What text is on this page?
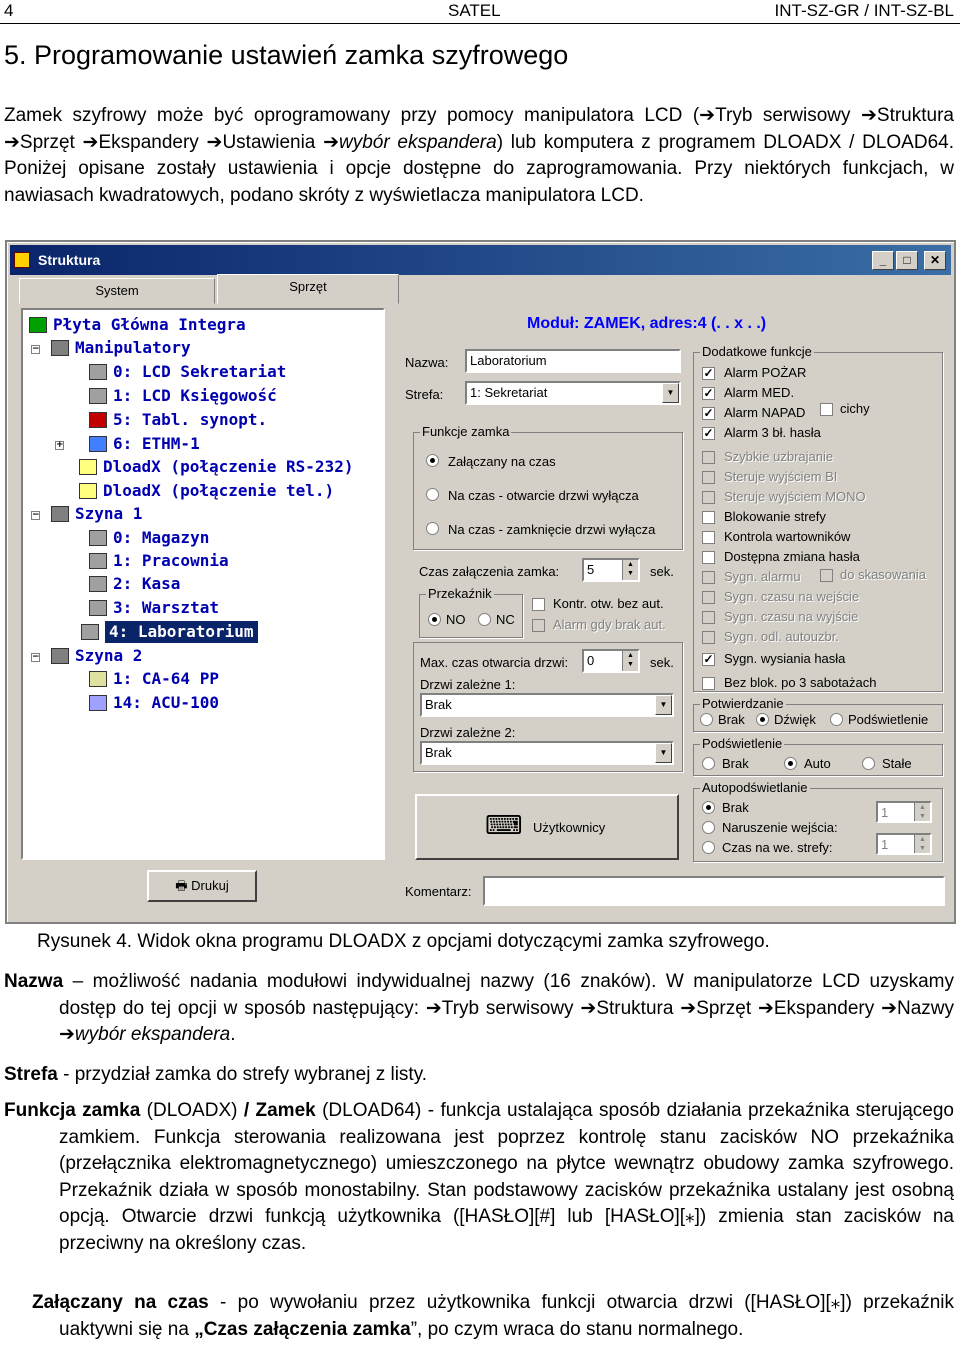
4	SATEL	INT-SZ-GR / INT-SZ-BL
5. Programowanie ustawień zamka szyfrowego
Zamek szyfrowy może być oprogramowany przy pomocy manipulatora LCD (➔Tryb serwisowy ➔Struktura ➔Sprzęt ➔Ekspandery ➔Ustawienia ➔wybór ekspandera) lub komputera z programem DLOADX / DLOAD64. Poniżej opisane zostały ustawienia i opcje dostępne do zaprogramowania. Przy niektórych funkcjach, w nawiasach kwadratowych, podano skróty z wyświetlacza manipulatora LCD.
Struktura	_	□	✕
System	Sprzęt
Płyta Główna Integra
Manipulatory
0: LCD Sekretariat
1: LCD Księgowość
5: Tabl. synopt.
6: ETHM-1
DloadX (połączenie RS-232)
DloadX (połączenie tel.)
Szyna 1
0: Magazyn
1: Pracownia
2: Kasa
3: Warsztat
4: Laboratorium
Szyna 2
1: CA-64 PP
14: ACU-100
−
−
−
+
🖶 Drukuj
Moduł: ZAMEK, adres:4 (. . x . .)
Nazwa:	Laboratorium
Strefa:	1: Sekretariat	▼
Funkcje zamka
Załączany na czas
Na czas - otwarcie drzwi wyłącza
Na czas - zamknięcie drzwi wyłącza
Czas załączenia zamka:	5	▲
▼	sek.
Przekaźnik
NO NC
Kontr. otw. bez aut.
Alarm gdy brak aut.
Max. czas otwarcia drzwi:	0	▲
▼	sek.
Drzwi zależne 1:
Brak	▼
Drzwi zależne 2:
Brak	▼
⌨ Użytkownicy
Komentarz:
Dodatkowe funkcje
✓ Alarm POŻAR
✓ Alarm MED.
✓ Alarm NAPAD
✓ Alarm 3 bł. hasła
Szybkie uzbrajanie
Steruje wyjściem BI
Steruje wyjściem MONO
Blokowanie strefy
Kontrola wartowników
Dostępna zmiana hasła
Sygn. alarmu
Sygn. czasu na wejście
Sygn. czasu na wyjście
Sygn. odl. autouzbr.
✓ Sygn. wysiania hasła
Bez blok. po 3 sabotażach
cichy
do skasowania
Potwierdzanie
Brak Dźwięk Podświetlenie
Podświetlenie
Brak	Auto	Stałe
Autopodświetlanie
Brak
Naruszenie wejścia:
Czas na we. strefy:
1	▲
▼
1	▲
▼
Rysunek 4. Widok okna programu DLOADX z opcjami dotyczącymi zamka szyfrowego.
Nazwa – możliwość nadania modułowi indywidualnej nazwy (16 znaków). W manipulatorze LCD uzyskamy dostęp do tej opcji w sposób następujący: ➔Tryb serwisowy ➔Struktura ➔Sprzęt ➔Ekspandery ➔Nazwy ➔wybór ekspandera.
Strefa - przydział zamka do strefy wybranej z listy.
Funkcja zamka (DLOADX) / Zamek (DLOAD64) - funkcja ustalająca sposób działania przekaźnika sterującego zamkiem. Funkcja sterowania realizowana jest poprzez kontrolę stanu zacisków NO przekaźnika (przełącznika elektromagnetycznego) umieszczonego na płytce wewnątrz obudowy zamka szyfrowego. Przekaźnik działa w sposób monostabilny. Stan podstawowy zacisków przekaźnika ustalany jest osobną opcją. Otwarcie drzwi funkcją użytkownika ([HASŁO][#] lub [HASŁO][⁎]) zmienia stan zacisków na przeciwny na określony czas.
Załączany na czas - po wywołaniu przez użytkownika funkcji otwarcia drzwi ([HASŁO][⁎]) przekaźnik uaktywni się na „Czas załączenia zamka”, po czym wraca do stanu normalnego.
